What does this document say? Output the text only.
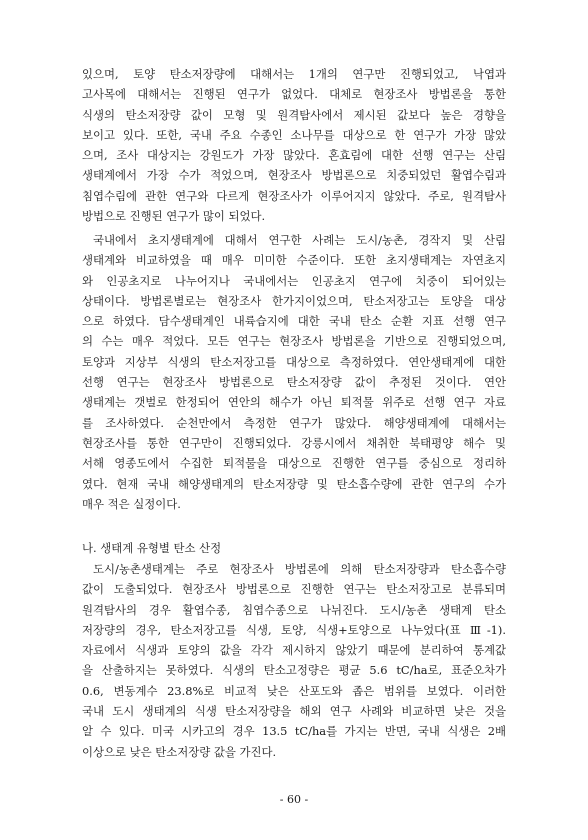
있으며, 토양 탄소저장량에 대해서는 1개의 연구만 진행되었고, 낙엽과
고사목에 대해서는 진행된 연구가 없었다. 대체로 현장조사 방법론을 통한
식생의 탄소저장량 값이 모형 및 원격탐사에서 제시된 값보다 높은 경향을
보이고 있다. 또한, 국내 주요 수종인 소나무를 대상으로 한 연구가 가장 많았
으며, 조사 대상지는 강원도가 가장 많았다. 혼효림에 대한 선행 연구는 산림
생태계에서 가장 수가 적었으며, 현장조사 방법론으로 치중되었던 활엽수림과
침엽수림에 관한 연구와 다르게 현장조사가 이루어지지 않았다. 주로, 원격탐사
방법으로 진행된 연구가 많이 되었다.
국내에서 초지생태계에 대해서 연구한 사례는 도시/농촌, 경작지 및 산림
생태계와 비교하였을 때 매우 미미한 수준이다. 또한 초지생태계는 자연초지
와 인공초지로 나누어지나 국내에서는 인공초지 연구에 치중이 되어있는
상태이다. 방법론별로는 현장조사 한가지이었으며, 탄소저장고는 토양을 대상
으로 하였다. 담수생태계인 내륙습지에 대한 국내 탄소 순환 지표 선행 연구
의 수는 매우 적었다. 모든 연구는 현장조사 방법론을 기반으로 진행되었으며,
토양과 지상부 식생의 탄소저장고를 대상으로 측정하였다. 연안생태계에 대한
선행 연구는 현장조사 방법론으로 탄소저장량 값이 추정된 것이다. 연안
생태계는 갯벌로 한정되어 연안의 해수가 아닌 퇴적물 위주로 선행 연구 자료
를 조사하였다. 순천만에서 측정한 연구가 많았다. 해양생태계에 대해서는
현장조사를 통한 연구만이 진행되었다. 강릉시에서 채취한 북태평양 해수 및
서해 영종도에서 수집한 퇴적물을 대상으로 진행한 연구를 중심으로 정리하
였다. 현재 국내 해양생태계의 탄소저장량 및 탄소흡수량에 관한 연구의 수가
매우 적은 실정이다.
나. 생태계 유형별 탄소 산정
도시/농촌생태계는 주로 현장조사 방법론에 의해 탄소저장량과 탄소흡수량
값이 도출되었다. 현장조사 방법론으로 진행한 연구는 탄소저장고로 분류되며
원격탐사의 경우 활엽수종, 침엽수종으로 나뉘진다. 도시/농촌 생태계 탄소
저장량의 경우, 탄소저장고를 식생, 토양, 식생+토양으로 나누었다(표 Ⅲ-1).
자료에서 식생과 토양의 값을 각각 제시하지 않았기 때문에 분리하여 통계값
을 산출하지는 못하였다. 식생의 탄소고정량은 평균 5.6 tC/ha로, 표준오차가
0.6, 변동계수 23.8%로 비교적 낮은 산포도와 좁은 범위를 보였다. 이러한
국내 도시 생태계의 식생 탄소저장량을 해외 연구 사례와 비교하면 낮은 것을
알 수 있다. 미국 시카고의 경우 13.5 tC/ha를 가지는 반면, 국내 식생은 2배
이상으로 낮은 탄소저장량 값을 가진다.
- 60 -
